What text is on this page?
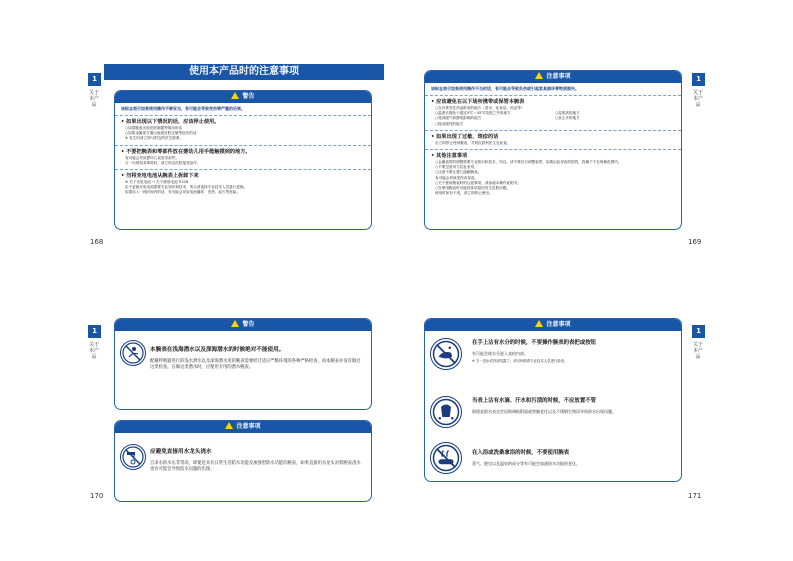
1
关于本产品
使用本产品时的注意事项
警告
该标志表示如果使用操作不够妥当，有可能会导致受伤等严重的后果。
• 如果出现以下情况的话，应该停止使用。
○如果腕表出现皮肤刺激等情况的话
○如果金属部分露出表面皮肤过敏等症状的话
※ 发生时请立即与附近的医生联系。
• 不要把腕表和零部件放在婴幼儿用手能触摸到的地方。
有可能会导致婴幼儿误食零部件。
万一出现误食事故时，请立即去医院接受治疗。
• 勿将充电电池从腕表上拆卸下来
※ 关于充电电池 → 关于使用电池 P.218
由于更换充电电池需要专业知识和技术，所以请选择专业技术人员进行更换。
如果误入一段时间内的话，有可能会导致电池爆炸、发热、起火等危险。
168
1
关于本产品
注意事项
该标志表示如果使用操作不当的话，有可能会导致负伤或引起家具损坏等物质损失。
• 应该避免在以下场所携带或保管本腕表
○在有挥发性药品散发的地方（香水、化妆品、药品等）
○温度长期处于超过5℃～35℃范围之外的地方	○湿度高的地方
○受到磁气和静电影响的地方	○灰尘多的地方
○振动剧烈的地方
• 如果出现了过敏、斑疹的话
应立即停止使用腕表，并到皮肤科医生处检查。
• 其他注意事项
○金属表带的调整需要专业知识和技术，所以，请不要自行调整表带，如果由此导致的损伤，将属于不在保修范围内。
○不要过度用力拉扯表带。
○注意不要让婴儿接触腕表。
有可能会导致受伤或误食。
○关于使用腕表时的注意事项，请参阅本操作说明书。
○在使用腕表时可能因体质原因发生皮肤问题。
使用时如有不适，请立即停止使用。
169
1
关于本产品
警告
本腕表在浅海潜水以及深海潜水的时候绝对不能使用。
配戴呼吸器进行的浅水潜水以及深海潜水用的腕表需要经过适应严酷环境的各种严格检查，而本腕表并没有做过这类检查。在做这类潜水时，应使用专用的潜水腕表。
注意事项
应避免直接用水龙头浇水
自来水的水压非常高，即使是具有日常生活防水功能及加强型防水功能的腕表，如果直接用水龙头对着腕表浇水也有可能会导致防水问题的出现。
170
1
关于本产品
注意事项
在手上沾有水分的时候，不要操作腕表的表把或按钮
有可能会使水分进入表的内部。
※ 万一进水或内部结露了，请尽快联系专业技术人员进行检查。
当表上沾有水滴、汗水和污渍的时候，不应放置不管
即使是防水表也会因玻璃粘附面或垫圈老化以及不锈钢生锈而导致防水出现问题。
在入浴或洗桑拿浴的时候，不要使用腕表
蒸气、肥皂以及温泉的成分等有可能会加速防水功能的老化。
171
